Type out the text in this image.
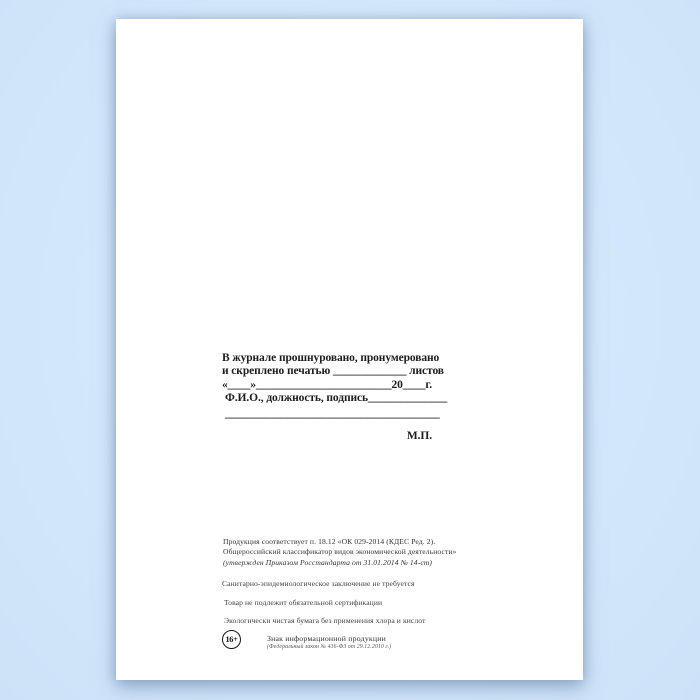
В журнале прошнуровано, пронумеровано
и скреплено печатью _____________ листов
«____»________________________20____г.
Ф.И.О., должность, подпись______________
______________________________________
М.П.
Продукция соответствует п. 18.12 «ОК 029-2014 (КДЕС Ред. 2).
Общероссийский классификатор видов экономической деятельности»
(утвержден Приказом Росстандарта от 31.01.2014 № 14-ст)
Санитарно-эпидемиологическое заключение не требуется
Товар не подлежит обязательной сертификации
Экологически чистая бумага без применения хлора и кислот
16+	Знак информационной продукции
(Федеральный закон № 436-ФЗ от 29.12.2010 г.)
